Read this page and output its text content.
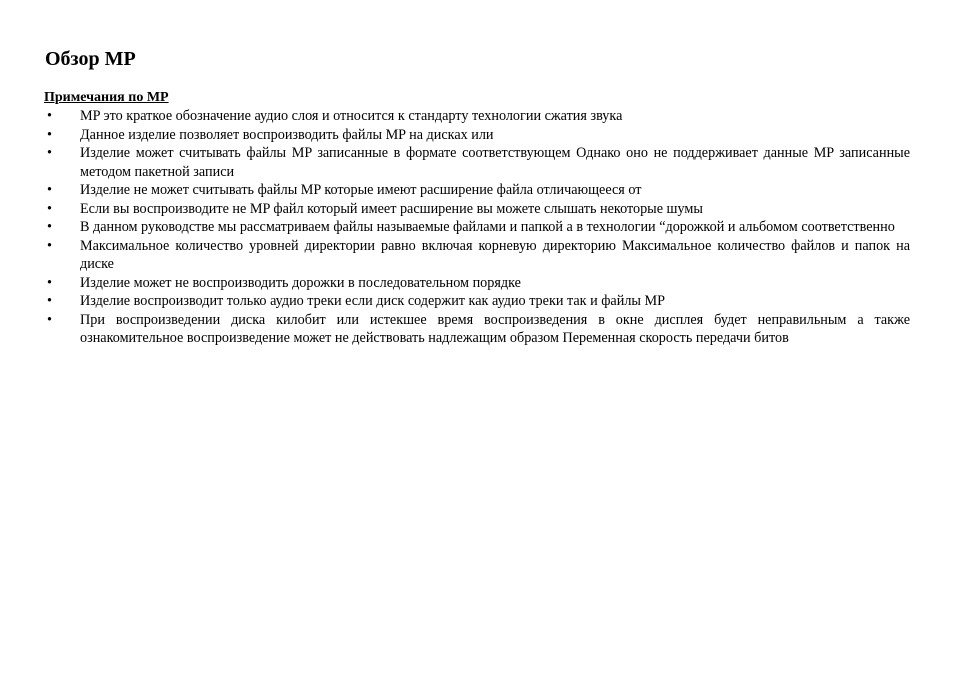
Обзор MP
Примечания по MP
• MP это краткое обозначение аудио слоя и относится к стандарту технологии сжатия звука
• Данное изделие позволяет воспроизводить файлы MP на дисках или
• Изделие может считывать файлы MP записанные в формате соответствующем Однако оно не поддерживает данные MP записанные методом пакетной записи
• Изделие не может считывать файлы MP которые имеют расширение файла отличающееся от
• Если вы воспроизводите не MP файл который имеет расширение вы можете слышать некоторые шумы
• В данном руководстве мы рассматриваем файлы называемые файлами и папкой а в технологии “дорожкой и альбомом соответственно
• Максимальное количество уровней директории равно включая корневую директорию Максимальное количество файлов и папок на диске
• Изделие может не воспроизводить дорожки в последовательном порядке
• Изделие воспроизводит только аудио треки если диск содержит как аудио треки так и файлы MP
• При воспроизведении диска килобит или истекшее время воспроизведения в окне дисплея будет неправильным а также ознакомительное воспроизведение может не действовать надлежащим образом Переменная скорость передачи битов
